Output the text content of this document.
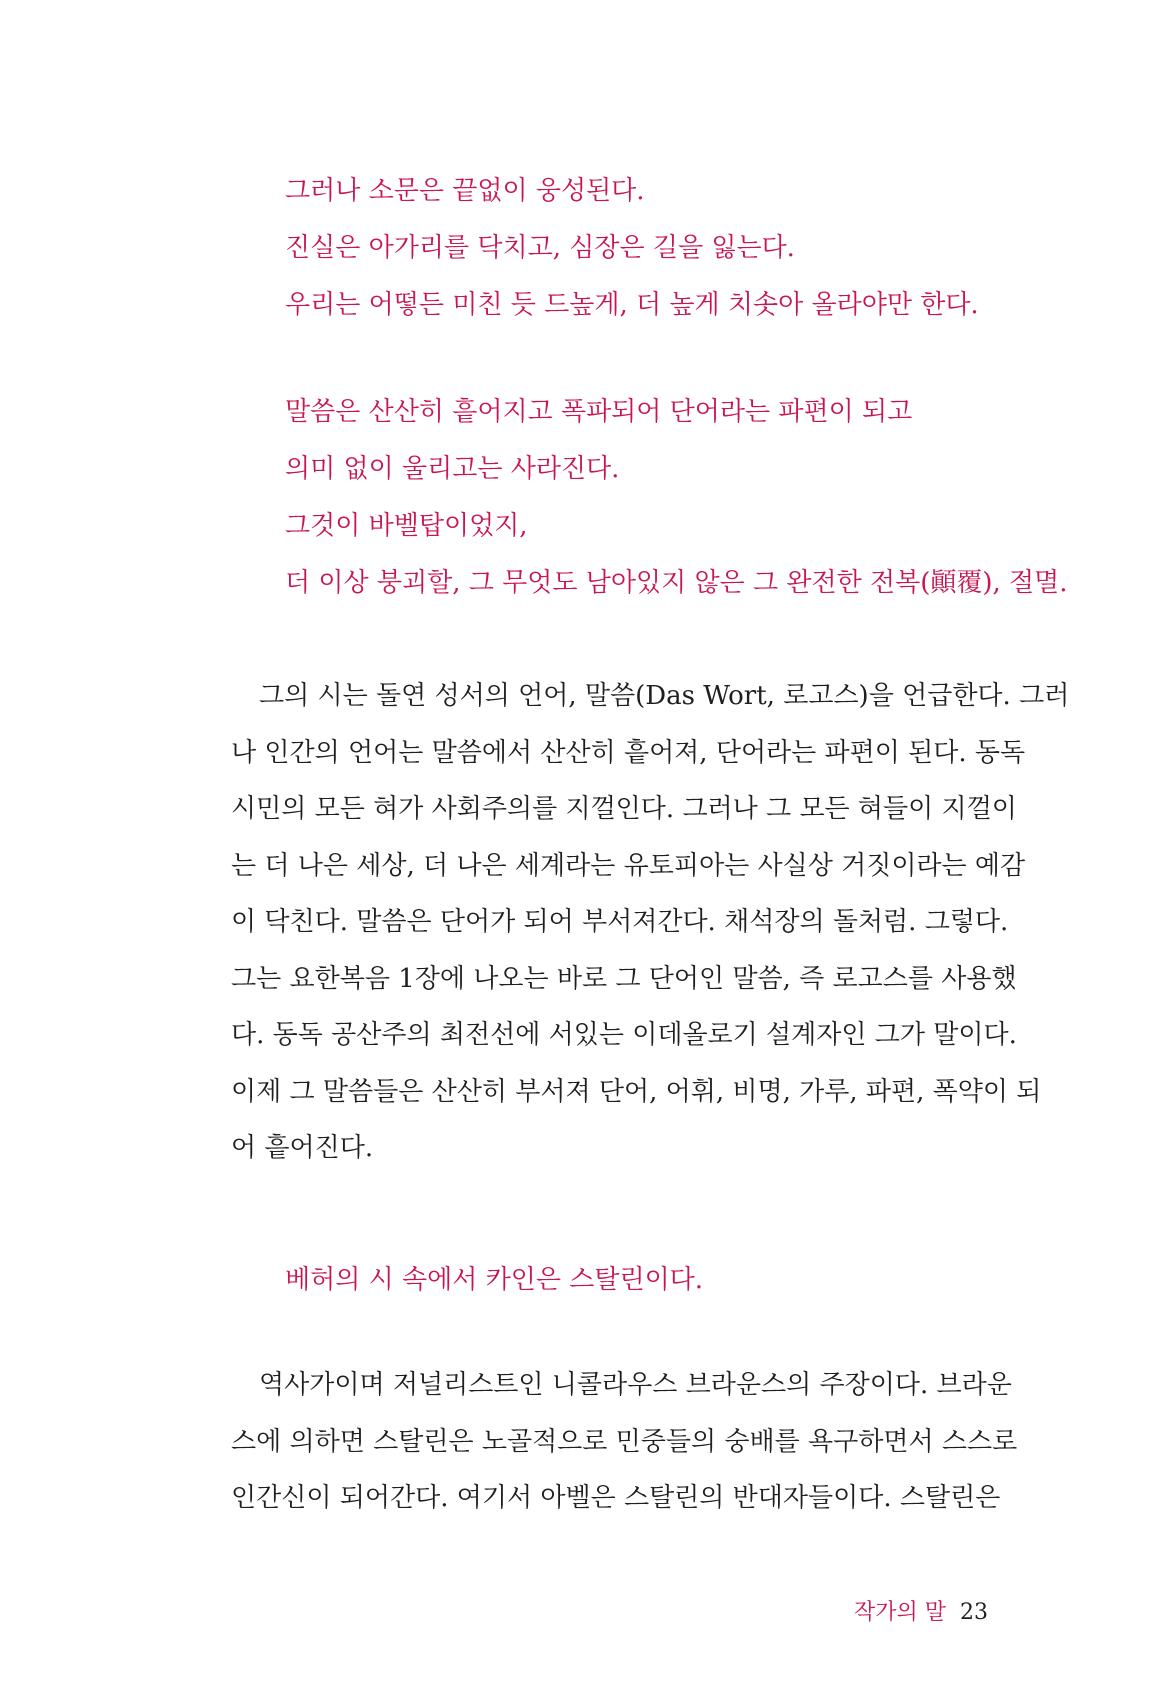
그러나 소문은 끝없이 웅성된다.
진실은 아가리를 닥치고, 심장은 길을 잃는다.
우리는 어떻든 미친 듯 드높게, 더 높게 치솟아 올라야만 한다.
말씀은 산산히 흩어지고 폭파되어 단어라는 파편이 되고
의미 없이 울리고는 사라진다.
그것이 바벨탑이었지,
더 이상 붕괴할, 그 무엇도 남아있지 않은 그 완전한 전복(顚覆), 절멸.
그의 시는 돌연 성서의 언어, 말씀(Das Wort, 로고스)을 언급한다. 그러
나 인간의 언어는 말씀에서 산산히 흩어져, 단어라는 파편이 된다. 동독
시민의 모든 혀가 사회주의를 지껄인다. 그러나 그 모든 혀들이 지껄이
는 더 나은 세상, 더 나은 세계라는 유토피아는 사실상 거짓이라는 예감
이 닥친다. 말씀은 단어가 되어 부서져간다. 채석장의 돌처럼. 그렇다.
그는 요한복음 1장에 나오는 바로 그 단어인 말씀, 즉 로고스를 사용했
다. 동독 공산주의 최전선에 서있는 이데올로기 설계자인 그가 말이다.
이제 그 말씀들은 산산히 부서져 단어, 어휘, 비명, 가루, 파편, 폭약이 되
어 흩어진다.
베허의 시 속에서 카인은 스탈린이다.
역사가이며 저널리스트인 니콜라우스 브라운스의 주장이다. 브라운
스에 의하면 스탈린은 노골적으로 민중들의 숭배를 욕구하면서 스스로
인간신이 되어간다. 여기서 아벨은 스탈린의 반대자들이다. 스탈린은
작가의 말 23
